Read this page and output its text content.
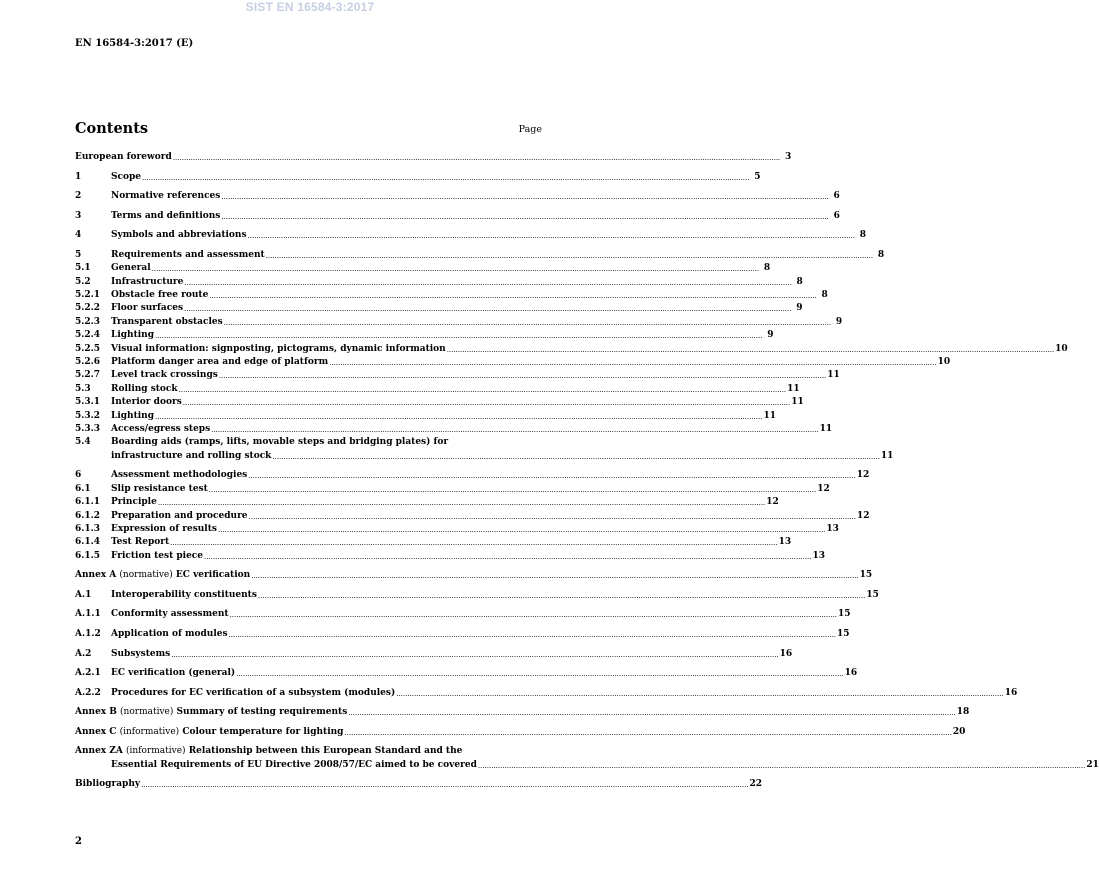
SIST EN 16584-3:2017
EN 16584-3:2017 (E)
Contents	Page
European foreword .....	3
1	Scope .....	5
2	Normative references .....	6
3	Terms and definitions .....	6
4	Symbols and abbreviations .....	8
5	Requirements and assessment .....	8
5.1	General .....	8
5.2	Infrastructure .....	8
5.2.1	Obstacle free route .....	8
5.2.2	Floor surfaces .....	9
5.2.3	Transparent obstacles .....	9
5.2.4	Lighting .....	9
5.2.5	Visual information: signposting, pictograms, dynamic information .....	10
5.2.6	Platform danger area and edge of platform .....	10
5.2.7	Level track crossings .....	11
5.3	Rolling stock .....	11
5.3.1	Interior doors .....	11
5.3.2	Lighting .....	11
5.3.3	Access/egress steps .....	11
5.4	Boarding aids (ramps, lifts, movable steps and bridging plates) for
infrastructure and rolling stock .....	11
6	Assessment methodologies .....	12
6.1	Slip resistance test .....	12
6.1.1	Principle .....	12
6.1.2	Preparation and procedure .....	12
6.1.3	Expression of results .....	13
6.1.4	Test Report .....	13
6.1.5	Friction test piece .....	13
Annex A (normative) EC verification .....	15
A.1	Interoperability constituents .....	15
A.1.1	Conformity assessment .....	15
A.1.2	Application of modules .....	15
A.2	Subsystems .....	16
A.2.1	EC verification (general) .....	16
A.2.2	Procedures for EC verification of a subsystem (modules) .....	16
Annex B (normative) Summary of testing requirements .....	18
Annex C (informative) Colour temperature for lighting .....	20
Annex ZA (informative) Relationship between this European Standard and the
Essential Requirements of EU Directive 2008/57/EC aimed to be covered .....	21
Bibliography .....	22
2
